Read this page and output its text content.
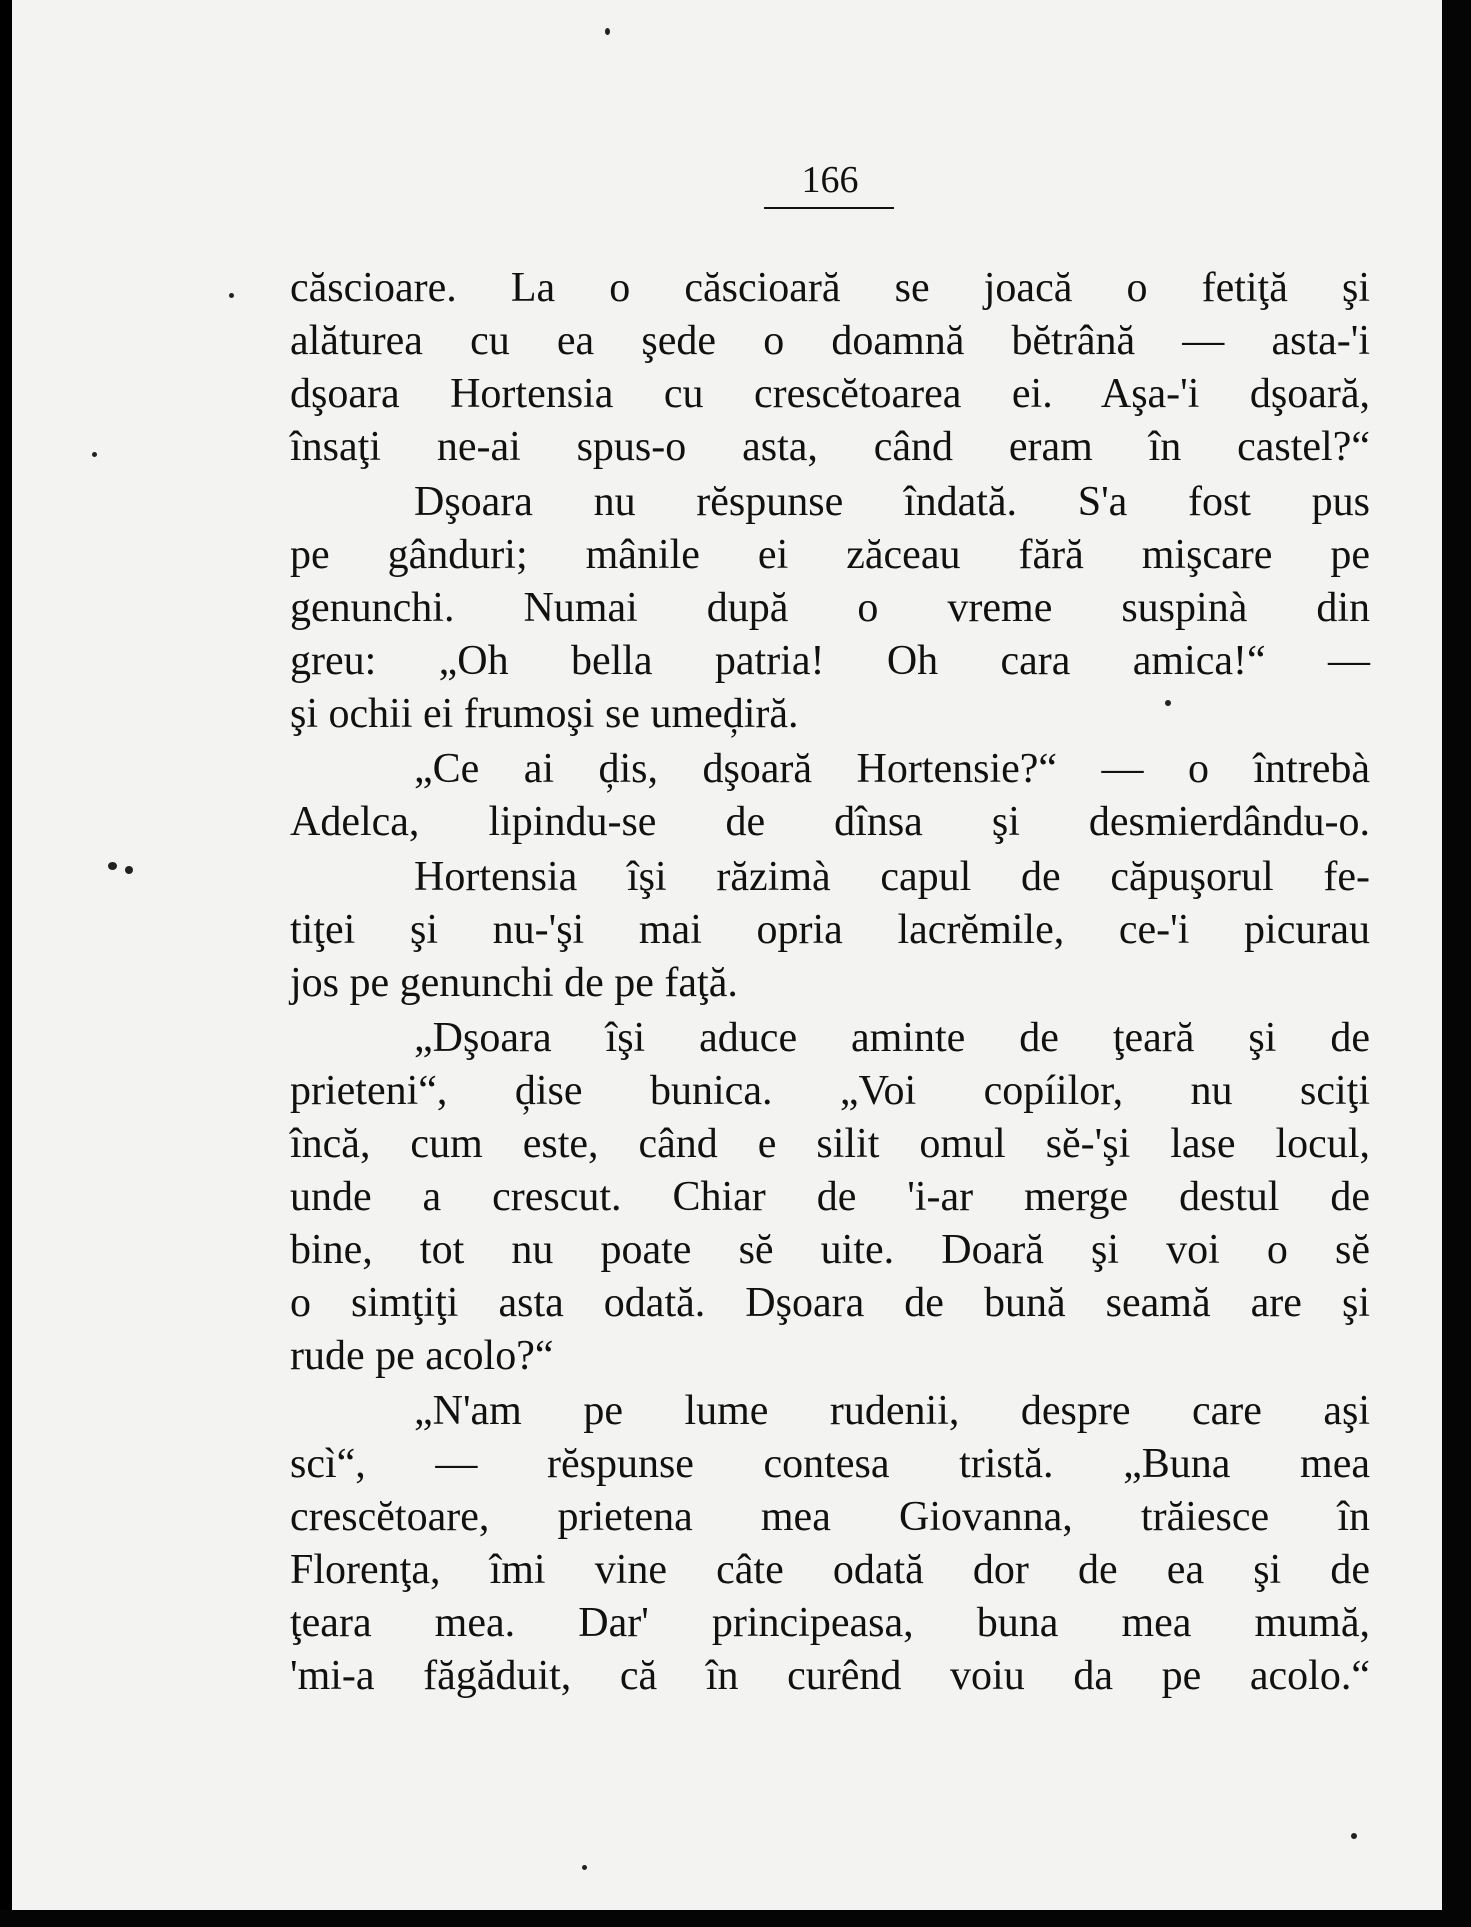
166
căscioare. La o căscioară se joacă o fetiţă şi
alăturea cu ea şede o doamnă bĕtrână — asta-'i
dşoara Hortensia cu crescĕtoarea ei. Aşa-'i dşoară,
însaţi ne-ai spus-o asta, când eram în castel?“
Dşoara nu rĕspunse îndată. S'a fost pus
pe gânduri; mânile ei zăceau fără mişcare pe
genunchi. Numai după o vreme suspinà din
greu: „Oh bella patria! Oh cara amica!“ —
şi ochii ei frumoşi se umeḑiră.
„Ce ai ḑis, dşoară Hortensie?“ — o întrebà
Adelca, lipindu-se de dînsa şi desmierdându-o.
Hortensia îşi răzimà capul de căpuşorul fe-
tiţei şi nu-'şi mai opria lacrĕmile, ce-'i picurau
jos pe genunchi de pe faţă.
„Dşoara îşi aduce aminte de ţeară şi de
prieteni“, ḑise bunica. „Voi copíilor, nu sciţi
încă, cum este, când e silit omul sĕ-'şi lase locul,
unde a crescut. Chiar de 'i-ar merge destul de
bine, tot nu poate sĕ uite. Doară şi voi o sĕ
o simţiţi asta odată. Dşoara de bună seamă are şi
rude pe acolo?“
„N'am pe lume rudenii, despre care aşi
scì“, — rĕspunse contesa tristă. „Buna mea
crescĕtoare, prietena mea Giovanna, trăiesce în
Florenţa, îmi vine câte odată dor de ea şi de
ţeara mea. Dar' principeasa, buna mea mumă,
'mi-a făgăduit, că în curênd voiu da pe acolo.“
